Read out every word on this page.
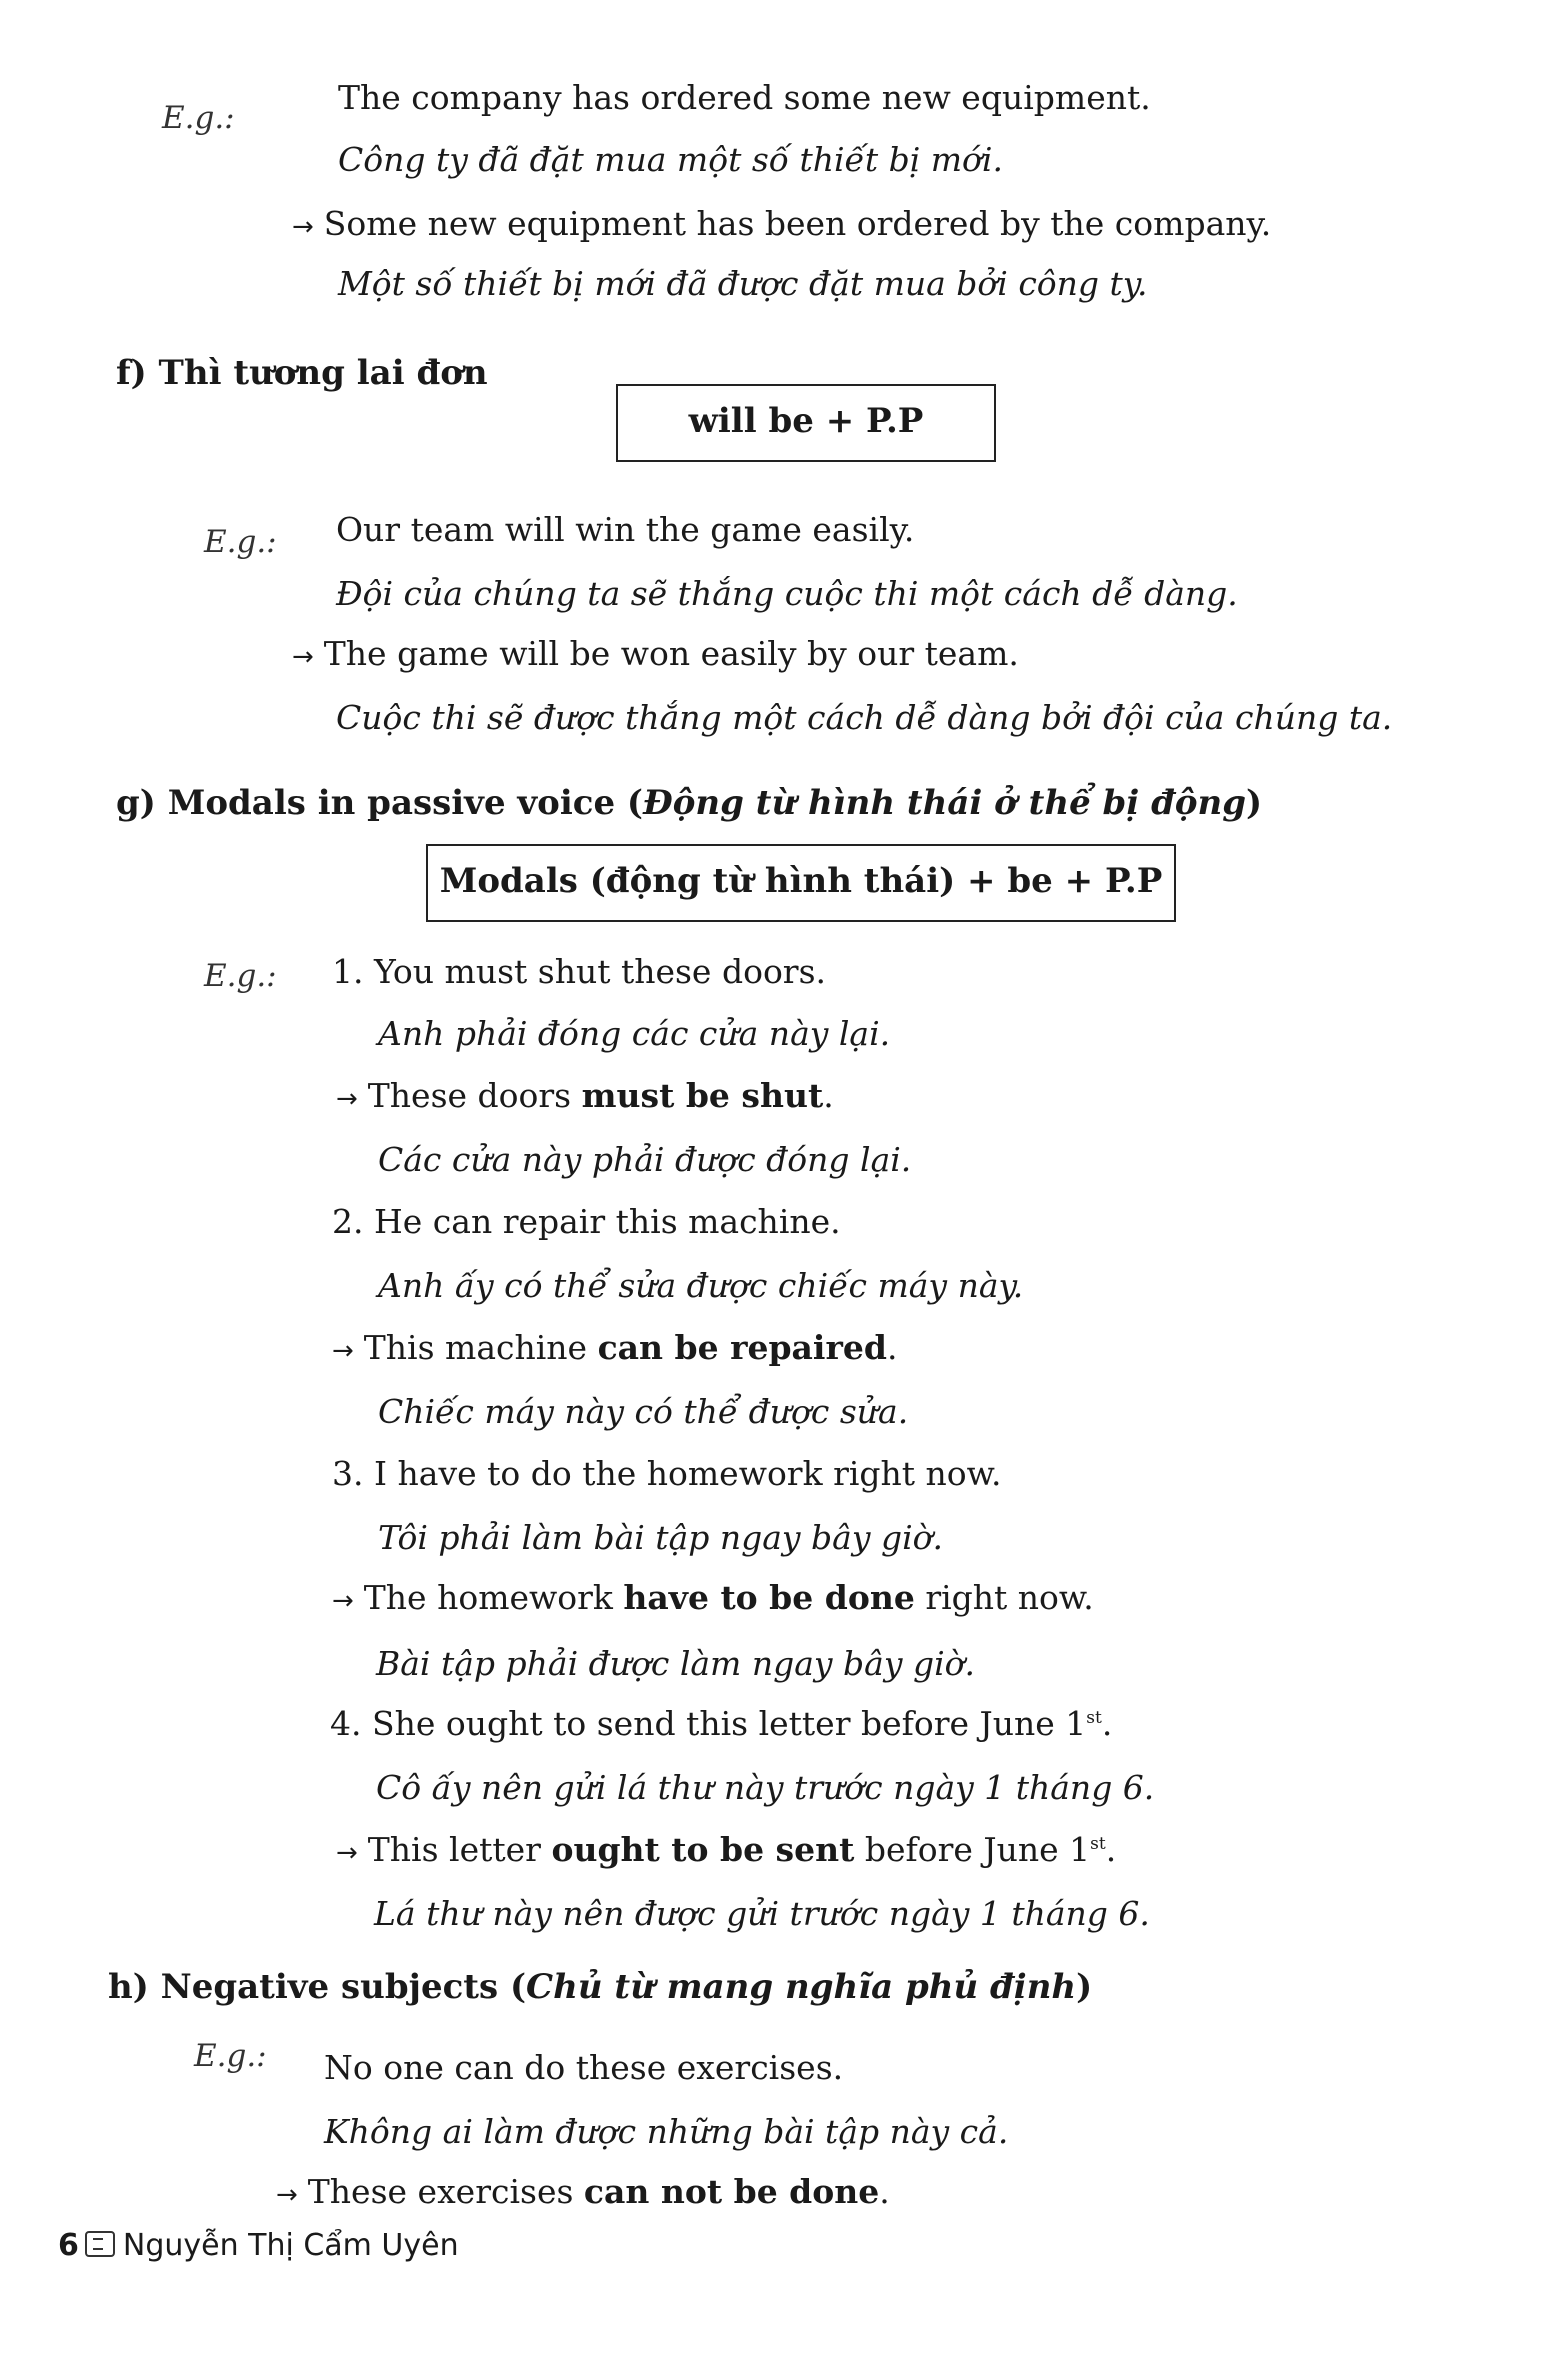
E.g.:
The company has ordered some new equipment.
Công ty đã đặt mua một số thiết bị mới.
→ Some new equipment has been ordered by the company.
Một số thiết bị mới đã được đặt mua bởi công ty.
f) Thì tương lai đơn
will be + P.P
E.g.: Our team will win the game easily.
Đội của chúng ta sẽ thắng cuộc thi một cách dễ dàng.
→ The game will be won easily by our team.
Cuộc thi sẽ được thắng một cách dễ dàng bởi đội của chúng ta.
g) Modals in passive voice (Động từ hình thái ở thể bị động)
Modals (động từ hình thái) + be + P.P
E.g.: 1. You must shut these doors.
Anh phải đóng các cửa này lại.
→ These doors must be shut.
Các cửa này phải được đóng lại.
2. He can repair this machine.
Anh ấy có thể sửa được chiếc máy này.
→ This machine can be repaired.
Chiếc máy này có thể được sửa.
3. I have to do the homework right now.
Tôi phải làm bài tập ngay bây giờ.
→ The homework have to be done right now.
Bài tập phải được làm ngay bây giờ.
4. She ought to send this letter before June 1st.
Cô ấy nên gửi lá thư này trước ngày 1 tháng 6.
→ This letter ought to be sent before June 1st.
Lá thư này nên được gửi trước ngày 1 tháng 6.
h) Negative subjects (Chủ từ mang nghĩa phủ định)
E.g.: No one can do these exercises.
Không ai làm được những bài tập này cả.
→ These exercises can not be done.
6 Nguyễn Thị Cẩm Uyên
